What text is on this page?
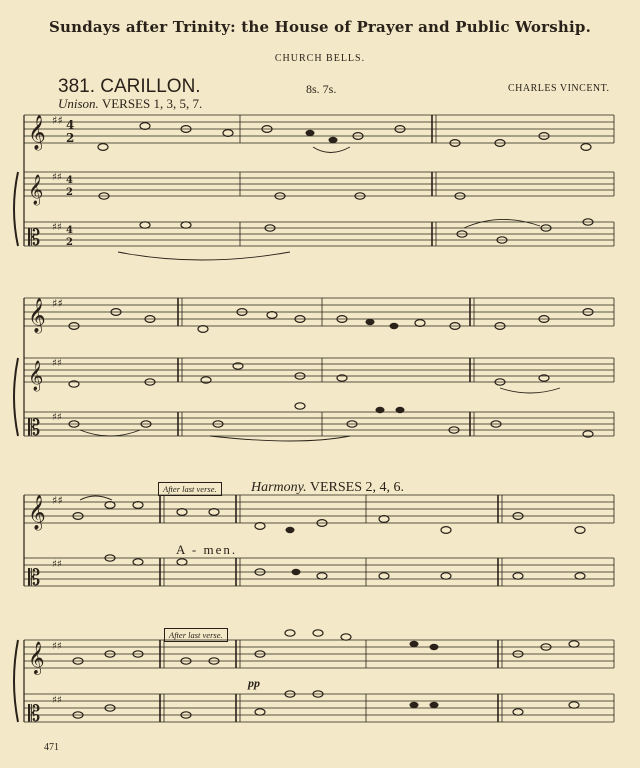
Sundays after Trinity: the House of Prayer and Public Worship.
CHURCH BELLS.
381. CARILLON.	8s. 7s.	CHARLES VINCENT.
Unison. VERSES 1, 3, 5, 7.
Harmony. VERSES 2, 4, 6.
After last verse.
After last verse.
A - men.
pp
471
𝄞
𝄞
𝄡
𝄞
𝄞
𝄡
𝄞
𝄡
𝄞
𝄡
♯♯
♯♯
♯♯
♯♯
♯♯
♯♯
♯♯
♯♯
♯♯
♯♯
4
2
4
2
4
2
